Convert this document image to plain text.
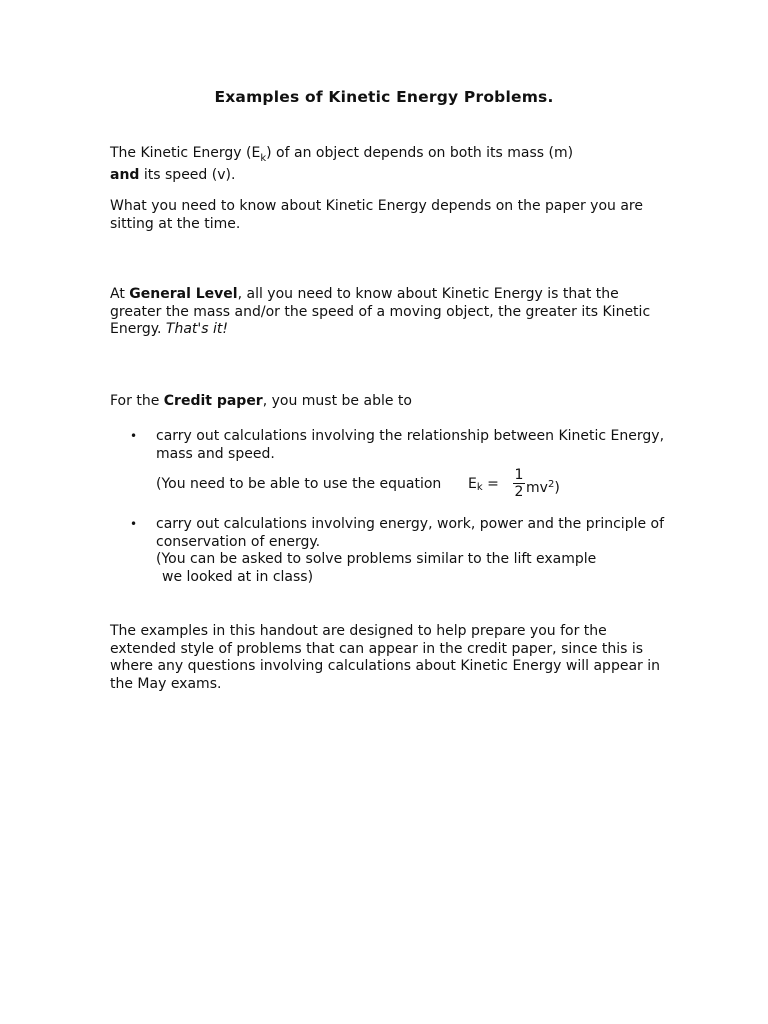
Examples of Kinetic Energy Problems.

The Kinetic Energy $(E_k)$ of an object depends on both its mass (m)
and its speed (v).

What you need to know about Kinetic Energy depends on the paper you are sitting at the time.

At General Level, all you need to know about Kinetic Energy is that the greater the mass and/or the speed of a moving object, the greater its Kinetic Energy. That's it!

For the Credit paper, you must be able to

•	carry out calculations involving the relationship between Kinetic Energy, mass and speed.
(You need to be able to use the equation $E_k$ =
1
2 $mv^2$)
•	carry out calculations involving energy, work, power and the principle of conservation of energy.
(You can be asked to solve problems similar to the lift example
we looked at in class)

The examples in this handout are designed to help prepare you for the extended style of problems that can appear in the credit paper, since this is where any questions involving calculations about Kinetic Energy will appear in the May exams.
